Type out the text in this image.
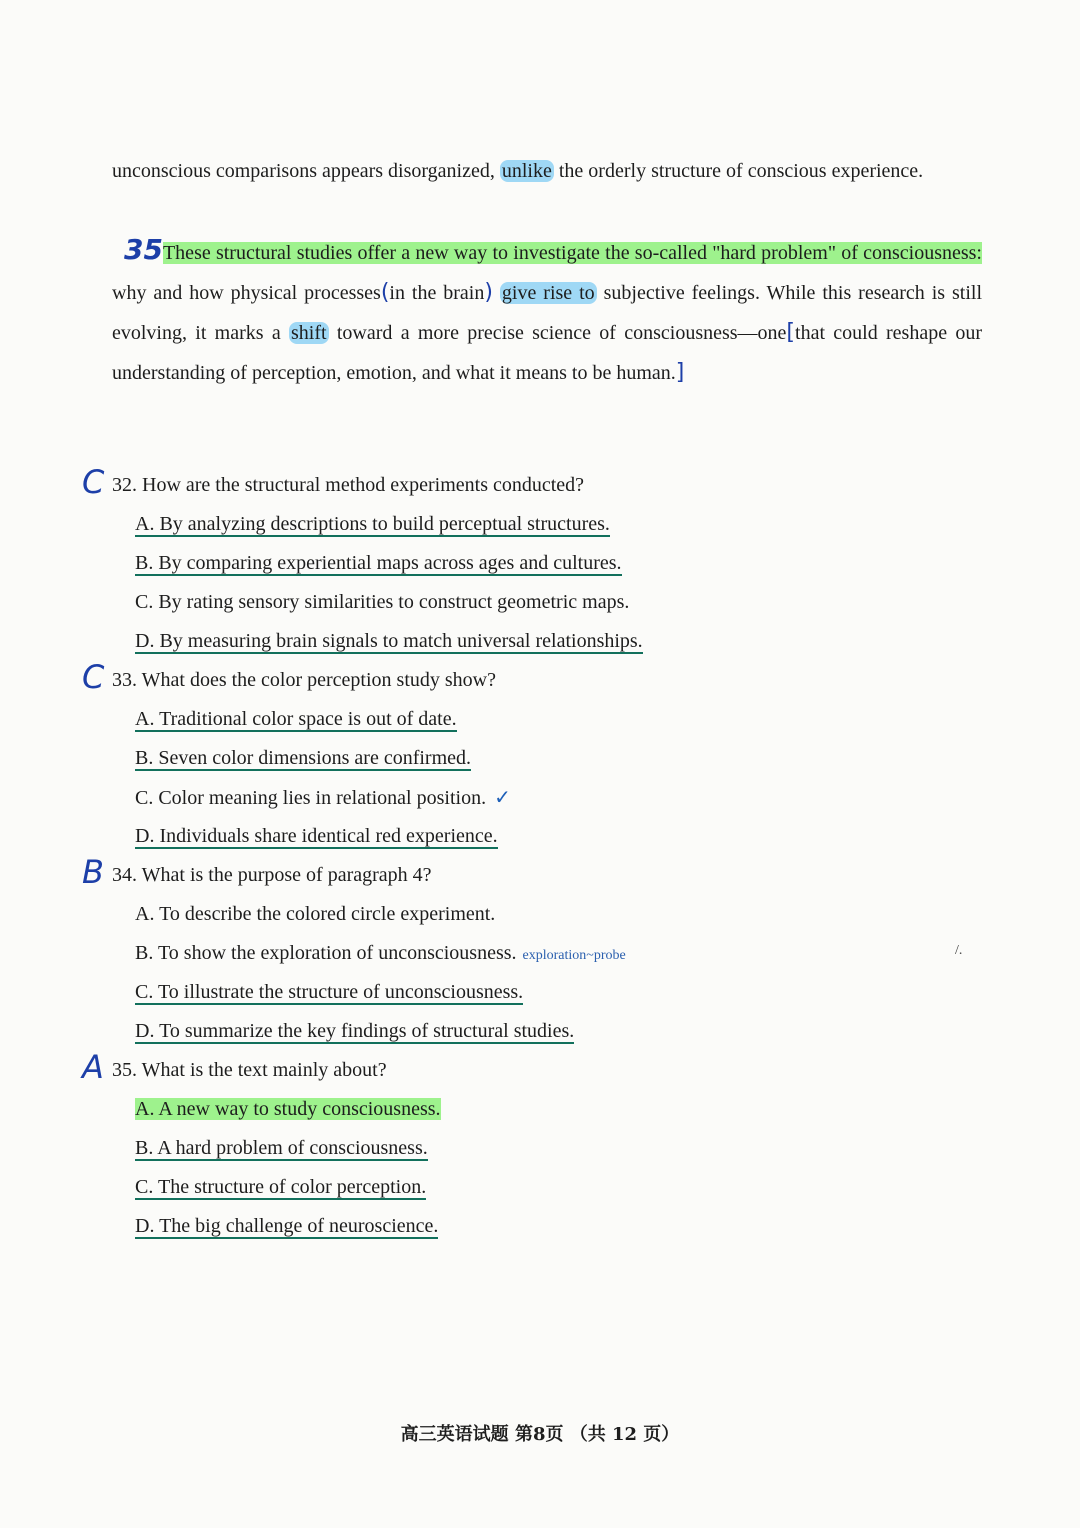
unconscious comparisons appears disorganized, unlike the orderly structure of conscious experience.
35These structural studies offer a new way to investigate the so-called "hard problem" of consciousness: why and how physical processes(in the brain) give rise to subjective feelings. While this research is still evolving, it marks a shift toward a more precise science of consciousness—one[that could reshape our understanding of perception, emotion, and what it means to be human.]
C 32. How are the structural method experiments conducted?
A. By analyzing descriptions to build perceptual structures.
B. By comparing experiential maps across ages and cultures.
C. By rating sensory similarities to construct geometric maps.
D. By measuring brain signals to match universal relationships.
C 33. What does the color perception study show?
A. Traditional color space is out of date.
B. Seven color dimensions are confirmed.
C. Color meaning lies in relational position. ✓
D. Individuals share identical red experience.
B 34. What is the purpose of paragraph 4?
A. To describe the colored circle experiment.
B. To show the exploration of unconsciousness. exploration~probe
C. To illustrate the structure of unconsciousness.
D. To summarize the key findings of structural studies.
A 35. What is the text mainly about?
A. A new way to study consciousness.
B. A hard problem of consciousness.
C. The structure of color perception.
D. The big challenge of neuroscience.
/.
高三英语试题 第8页 （共 12 页）
